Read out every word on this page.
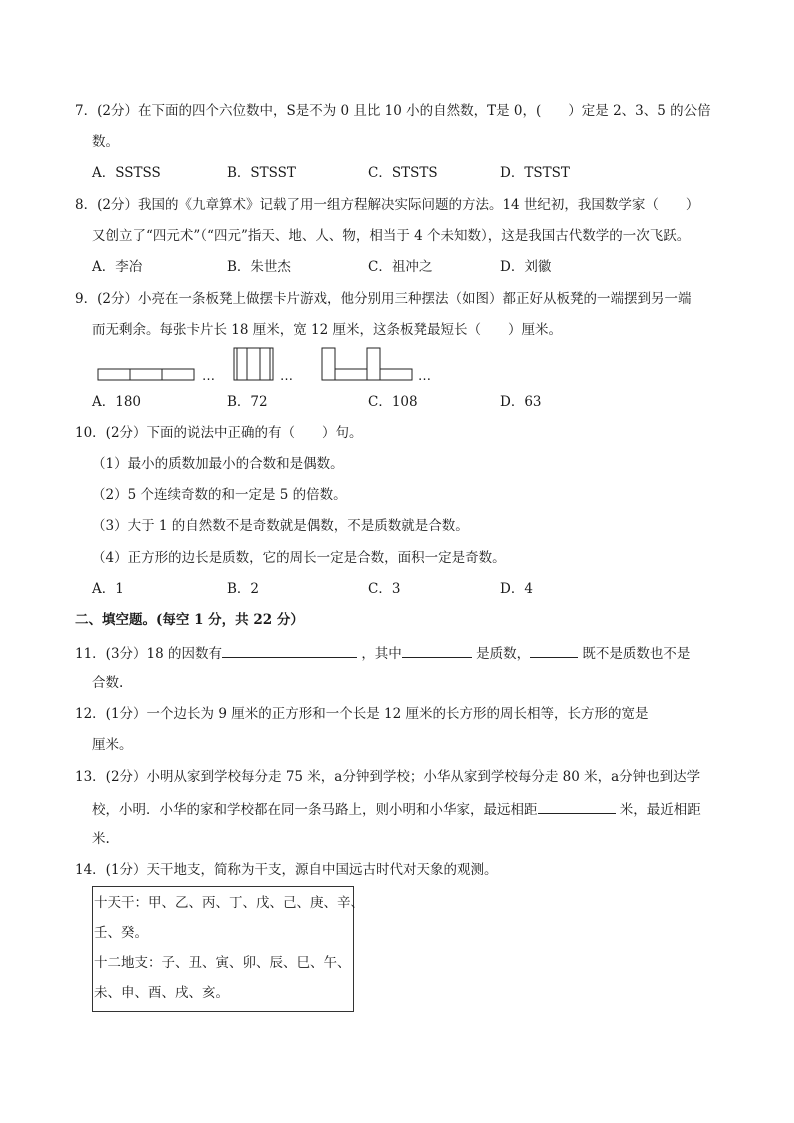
7．(2分）在下面的四个六位数中，S是不为 0 且比 10 小的自然数，T是 0，(　　）定是 2、3、5 的公倍
数。
A．SSTSS	B．STSST	C．STSTS	D．TSTST
8．(2分）我国的《九章算术》记载了用一组方程解决实际问题的方法。14 世纪初，我国数学家（　　）
又创立了“四元术”（“四元”指天、地、人、物，相当于 4 个未知数），这是我国古代数学的一次飞跃。
A．李冶	B．朱世杰	C．祖冲之	D．刘徽
9．(2分）小亮在一条板凳上做摆卡片游戏，他分别用三种摆法（如图）都正好从板凳的一端摆到另一端
而无剩余。每张卡片长 18 厘米，宽 12 厘米，这条板凳最短长（　　）厘米。
…	…	…
A．180	B．72	C．108	D．63
10．(2分）下面的说法中正确的有（　　）句。
（1）最小的质数加最小的合数和是偶数。
（2）5 个连续奇数的和一定是 5 的倍数。
（3）大于 1 的自然数不是奇数就是偶数，不是质数就是合数。
（4）正方形的边长是质数，它的周长一定是合数，面积一定是奇数。
A．1	B．2	C．3	D．4
二、填空题。(每空 1 分，共 22 分）
11．(3分）18 的因数有	，其中	是质数，	既不是质数也不是
合数.
12．(1分）一个边长为 9 厘米的正方形和一个长是 12 厘米的长方形的周长相等，长方形的宽是
厘米。
13．(2分）小明从家到学校每分走 75 米，a分钟到学校；小华从家到学校每分走 80 米，a分钟也到达学
校，小明．小华的家和学校都在同一条马路上，则小明和小华家，最远相距	米，最近相距
米.
14．(1分）天干地支，简称为干支，源自中国远古时代对天象的观测。
十天干：甲、乙、丙、丁、戊、己、庚、辛、
壬、癸。
十二地支：子、丑、寅、卯、辰、巳、午、
未、申、酉、戌、亥。
